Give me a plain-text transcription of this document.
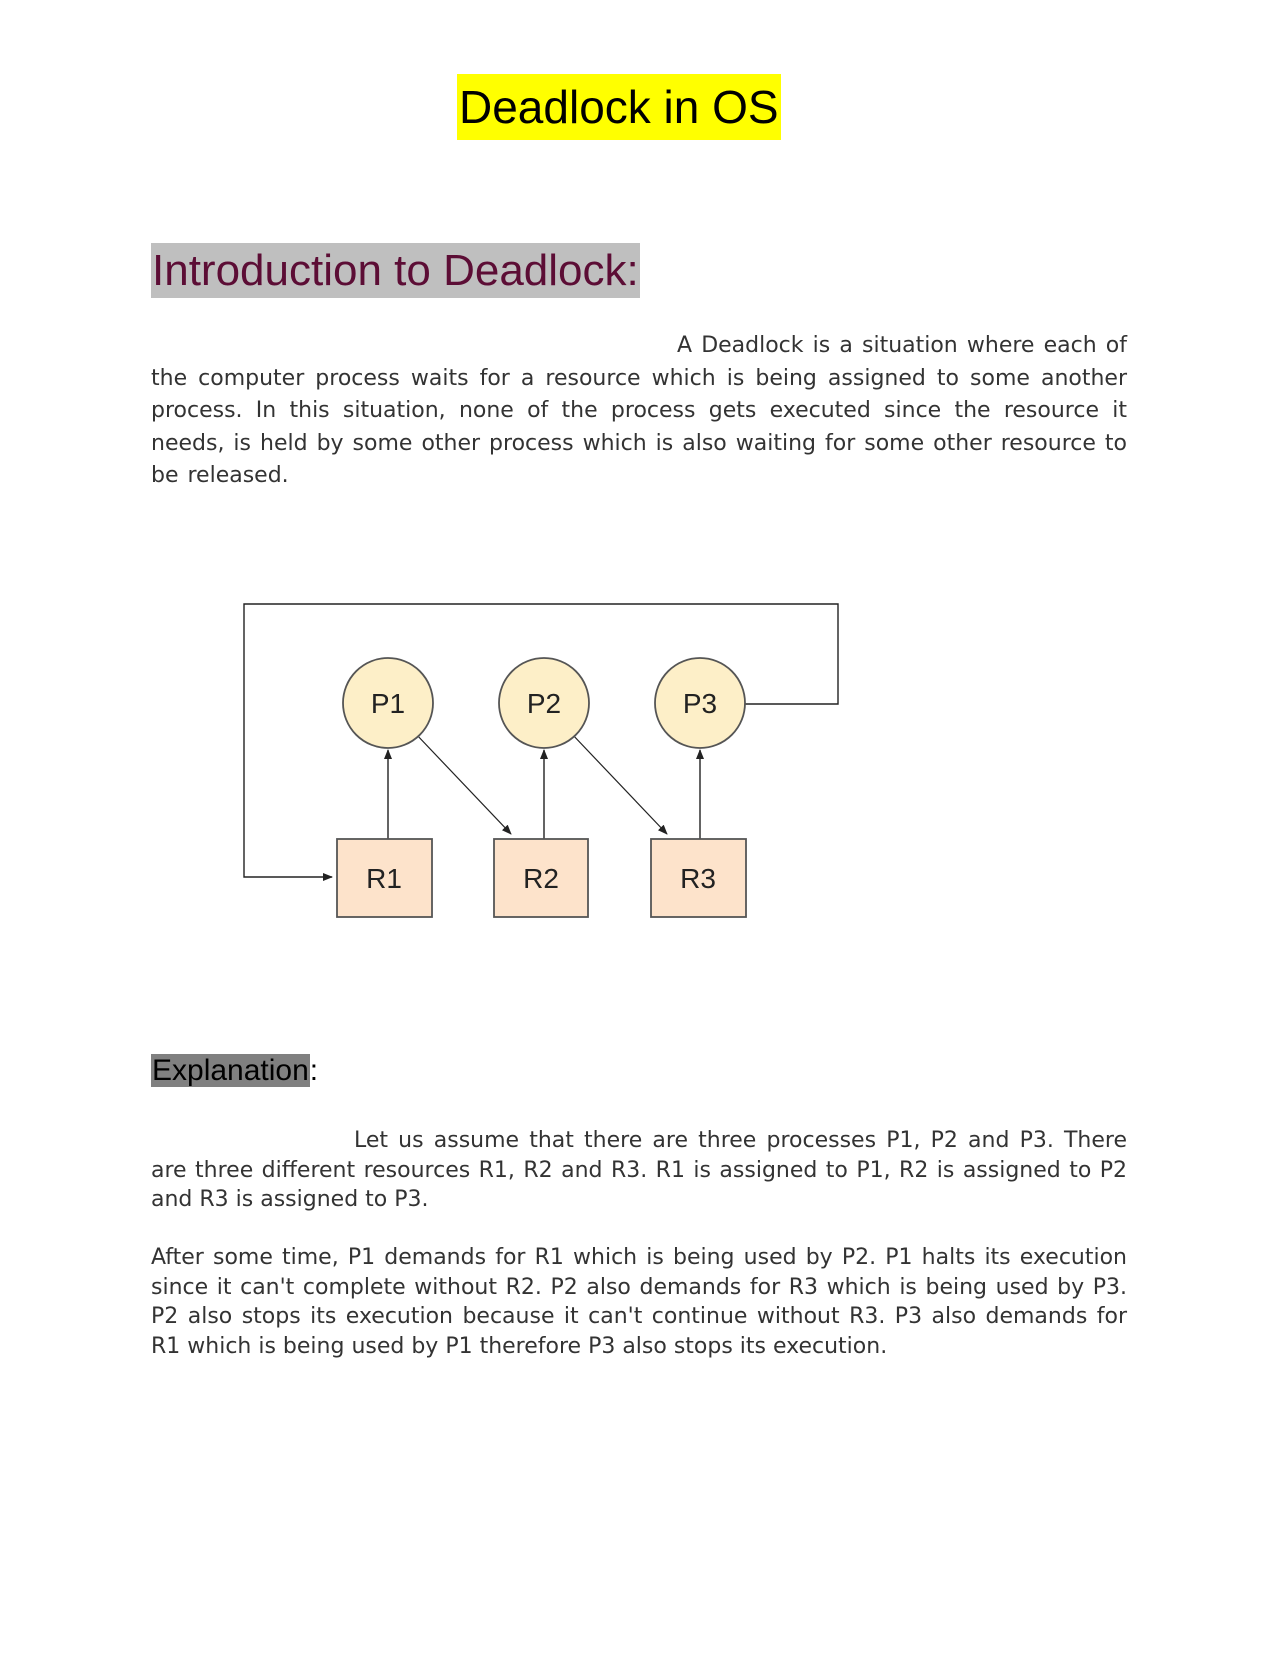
Deadlock in OS
Introduction to Deadlock:

A Deadlock is a situation where each of the computer process waits for a resource which is being assigned to some another process. In this situation, none of the process gets executed since the resource it needs, is held by some other process which is also waiting for some other resource to be released.

P1	P2	P3
R1	R2	R3
Explanation:

Let us assume that there are three processes P1, P2 and P3. There are three different resources R1, R2 and R3. R1 is assigned to P1, R2 is assigned to P2 and R3 is assigned to P3.

After some time, P1 demands for R1 which is being used by P2. P1 halts its execution since it can't complete without R2. P2 also demands for R3 which is being used by P3. P2 also stops its execution because it can't continue without R3. P3 also demands for R1 which is being used by P1 therefore P3 also stops its execution.
